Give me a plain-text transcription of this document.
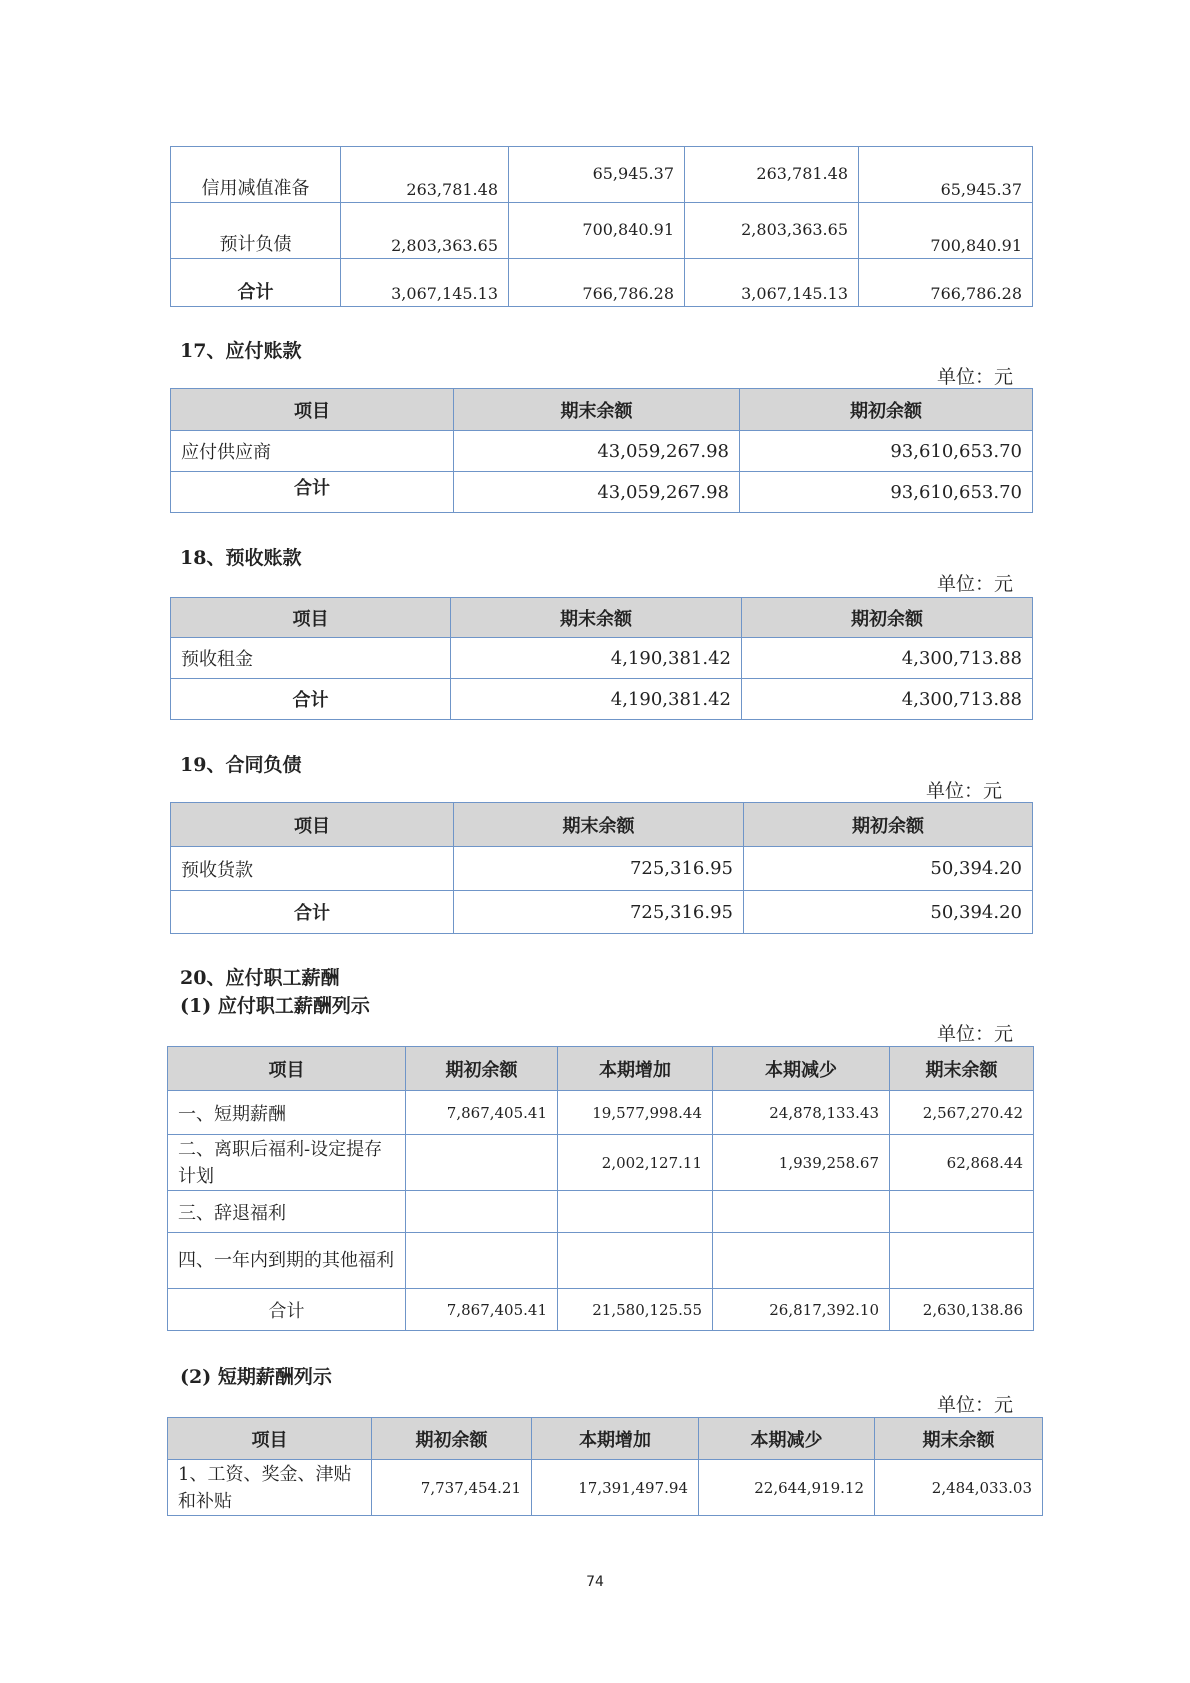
信用减值准备	263,781.48	65,945.37	263,781.48	65,945.37
预计负债	2,803,363.65	700,840.91	2,803,363.65	700,840.91
合计	3,067,145.13	766,786.28	3,067,145.13	766,786.28
17、应付账款
单位：元
项目	期末余额	期初余额
应付供应商	43,059,267.98	93,610,653.70
合计	43,059,267.98	93,610,653.70
18、预收账款
单位：元
项目	期末余额	期初余额
预收租金	4,190,381.42	4,300,713.88
合计	4,190,381.42	4,300,713.88
19、合同负债
单位：元
项目	期末余额	期初余额
预收货款	725,316.95	50,394.20
合计	725,316.95	50,394.20
20、应付职工薪酬
(1) 应付职工薪酬列示
单位：元
项目	期初余额	本期增加	本期减少	期末余额
一、短期薪酬	7,867,405.41	19,577,998.44	24,878,133.43	2,567,270.42
二、离职后福利-设定提存计划		2,002,127.11	1,939,258.67	62,868.44
三、辞退福利				
四、一年内到期的其他福利				
合计	7,867,405.41	21,580,125.55	26,817,392.10	2,630,138.86
(2) 短期薪酬列示
单位：元
项目	期初余额	本期增加	本期减少	期末余额
1、工资、奖金、津贴和补贴	7,737,454.21	17,391,497.94	22,644,919.12	2,484,033.03
74
